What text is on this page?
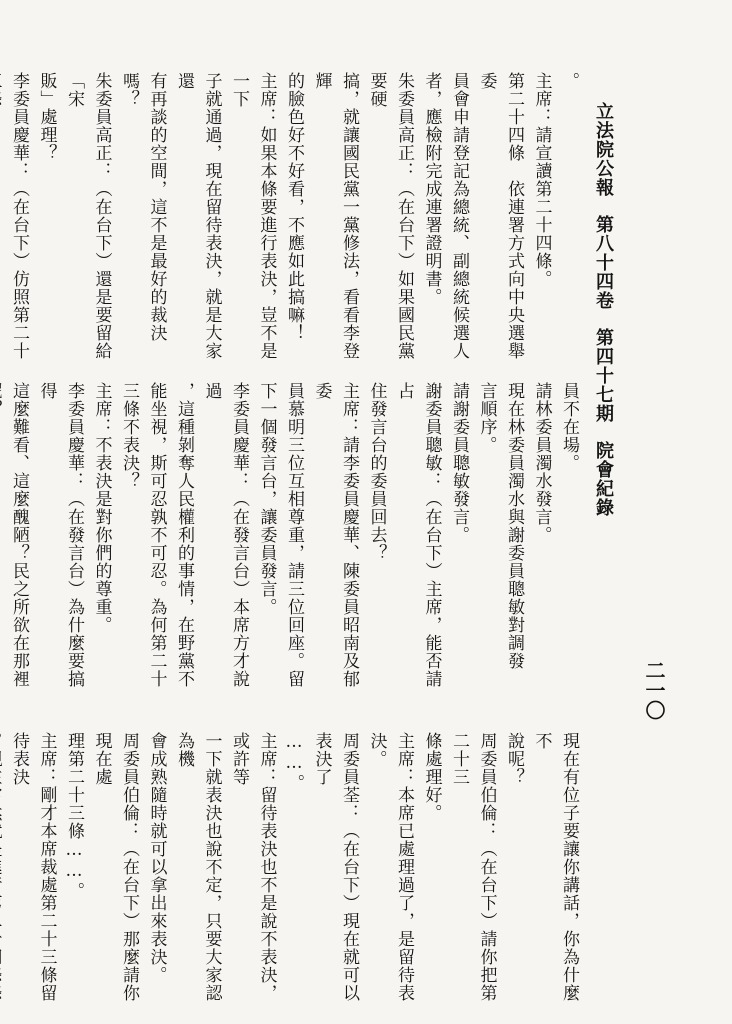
立法院公報第八十四卷第四十七期院會紀錄
二一〇
。
主席：請宣讀第二十四條。
第二十四條　依連署方式向中央選舉委
員會申請登記為總統、副總統候選人
者，應檢附完成連署證明書。
朱委員高正：（在台下）如果國民黨要硬
搞，就讓國民黨一黨修法，看看李登輝
的臉色好不好看，不應如此搞嘛！
主席：如果本條要進行表決，豈不是一下
子就通過，現在留待表決，就是大家還
有再談的空間，這不是最好的裁決嗎？
朱委員高正：（在台下）還是要留給「宋
販」處理？
李委員慶華：（在台下）仿照第二十

員不在場。
請林委員濁水發言。
現在林委員濁水與謝委員聰敏對調發
言順序。
請謝委員聰敏發言。
謝委員聰敏：（在台下）主席，能否請占
住發言台的委員回去？
主席：請李委員慶華、陳委員昭南及郁委
員慕明三位互相尊重，請三位回座。留
下一個發言台，讓委員發言。
李委員慶華：（在發言台）本席方才說過
，這種剝奪人民權利的事情，在野黨不
能坐視，斯可忍孰不可忍。為何第二十
三條不表決？
主席：不表決是對你們的尊重。
李委員慶華：（在發言台）為什麼要搞得
這麼難看、這麼醜陋？民之所欲在那裡

現在有位子要讓你講話，你為什麼不
說呢？
周委員伯倫：（在台下）請你把第二十三
條處理好。
主席：本席已處理過了，是留待表決。
周委員荃：（在台下）現在就可以表決了
……。
主席：留待表決也不是說不表決，或許等
一下就表決也說不定，只要大家認為機
會成熟隨時就可以拿出來表決。
周委員伯倫：（在台下）那麼請你現在處
理第二十三條……。
主席：剛才本席裁處第二十三條留待表決
